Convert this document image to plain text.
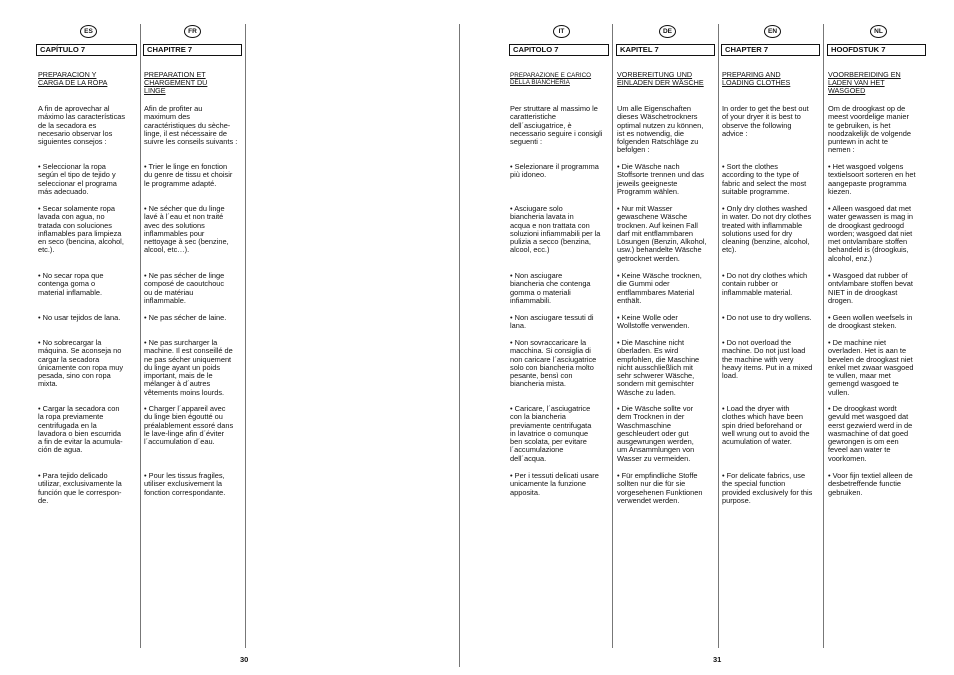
ES	FR
CAPÍTULO 7	CHAPITRE 7
PREPARACION Y
CARGA DE LA ROPA
A fin de aprovechar al
máximo las características
de la secadora es
necesario observar los
siguientes consejos :
• Seleccionar la ropa
según el tipo de tejido y
seleccionar el programa
más adecuado.
• Secar solamente ropa
lavada con agua, no
tratada con soluciones
inflamables para limpieza
en seco (bencina, alcohol,
etc.).
• No secar ropa que
contenga goma o
material inflamable.
• No usar tejidos de lana.
• No sobrecargar la
máquina. Se aconseja no
cargar la secadora
únicamente con ropa muy
pesada, sino con ropa
mixta.
• Cargar la secadora con
la ropa previamente
centrifugada en la
lavadora o bien escurrida
a fin de evitar la acumula-
ción de agua.
• Para tejido delicado
utilizar, exclusivamente la
función que le correspon-
de.
PREPARATION ET
CHARGEMENT DU
LINGE
Afin de profiter au
maximum des
caractéristiques du sèche-
linge, il est nécessaire de
suivre les conseils suivants :
• Trier le linge en fonction
du genre de tissu et choisir
le programme adapté.
• Ne sécher que du linge
lavé à l´eau et non traité
avec des solutions
inflammables pour
nettoyage à sec (benzine,
alcool, etc…).
• Ne pas sécher de linge
composé de caoutchouc
ou de matériau
inflammable.
• Ne pas sécher de laine.
• Ne pas surcharger la
machine. Il est conseillé de
ne pas sécher uniquement
du linge ayant un poids
important, mais de le
mélanger à d´autres
vêtements moins lourds.
• Charger l´appareil avec
du linge bien égoutté ou
préalablement essoré dans
le lave-linge afin d´éviter
l´accumulation d´eau.
• Pour les tissus fragiles,
utiliser exclusivement la
fonction correspondante.
30
IT	DE	EN	NL
CAPITOLO 7	KAPITEL 7	CHAPTER 7	HOOFDSTUK 7
PREPARAZIONE E CARICO
DELLA BIANCHERIA
Per struttare al massimo le
caratteristiche
dell´asciugatrice, è
necessario seguire i consigli
seguenti :
• Selezionare il programma
più idoneo.
• Asciugare solo
biancheria lavata in
acqua e non trattata con
soluzioni infiammabili per la
pulizia a secco (benzina,
alcool, ecc.)
• Non asciugare
biancheria che contenga
gomma o materiali
infiammabili.
• Non asciugare tessuti di
lana.
• Non sovraccaricare la
macchina. Si consiglia di
non caricare l´asciugatrice
solo con biancheria molto
pesante, bensì con
biancheria mista.
• Caricare, l´asciugatrice
con la biancheria
previamente centrifugata
in lavatrice o comunque
ben scolata, per evitare
l´accumulazione
dell´acqua.
• Per i tessuti delicati usare
unicamente la funzione
apposita.
VORBEREITUNG UND
EINLADEN DER WÄSCHE
Um alle Eigenschaften
dieses Wäschetrockners
optimal nutzen zu können,
ist es notwendig, die
folgenden Ratschläge zu
befolgen :
• Die Wäsche nach
Stoffsorte trennen und das
jeweils geeigneste
Programm wählen.
• Nur mit Wasser
gewaschene Wäsche
trocknen. Auf keinen Fall
darf mit entflammbaren
Lösungen (Benzin, Alkohol,
usw.) behandelte Wäsche
getrocknet werden.
• Keine Wäsche trocknen,
die Gummi oder
entflammbares Material
enthält.
• Keine Wolle oder
Wollstoffe verwenden.
• Die Maschine nicht
überladen. Es wird
empfohlen, die Maschine
nicht ausschließlich mit
sehr schwerer Wäsche,
sondern mit gemischter
Wäsche zu laden.
• Die Wäsche sollte vor
dem Trocknen in der
Waschmaschine
geschleudert oder gut
ausgewrungen werden,
um Ansammlungen von
Wasser zu vermeiden.
• Für empfindliche Stoffe
sollten nur die für sie
vorgesehenen Funktionen
verwendet werden.
PREPARING AND
LOADING CLOTHES
In order to get the best out
of your dryer it is best to
observe the following
advice :
• Sort the clothes
according to the type of
fabric and select the most
suitable programme.
• Only dry clothes washed
in water. Do not dry clothes
treated with inflammable
solutions used for dry
cleaning (benzine, alcohol,
etc).
• Do not dry clothes which
contain rubber or
inflammable material.
• Do not use to dry wollens.
• Do not overload the
machine. Do not just load
the machine with very
heavy items. Put in a mixed
load.
• Load the dryer with
clothes which have been
spin dried beforehand or
well wrung out to avoid the
acumulation of water.
• For delicate fabrics, use
the special function
provided exclusively for this
purpose.
VOORBEREIDING EN
LADEN VAN HET
WASGOED
Om de droogkast op de
meest voordelige manier
te gebruiken, is het
noodzakelijk de volgende
puntewn in acht te
nemen :
• Het wasgoed volgens
textielsoort sorteren en het
aangepaste programma
kiezen.
• Alleen wasgoed dat met
water gewassen is mag in
de droogkast gedroogd
worden; wasgoed dat niet
met ontvlambare stoffen
behandeld is (droogkuis,
alcohol, enz.)
• Wasgoed dat rubber of
ontvlambare stoffen bevat
NIET in de droogkast
drogen.
• Geen wollen weefsels in
de droogkast steken.
• De machine niet
overladen. Het is aan te
bevelen de droogkast niet
enkel met zwaar wasgoed
te vullen, maar met
gemengd wasgoed te
vullen.
• De droogkast wordt
gevuld met wasgoed dat
eerst gezwierd werd in de
wasmachine of dat goed
gewrongen is om een
feveel aan water te
voorkomen.
• Voor fijn textiel alleen de
desbetreffende functie
gebruiken.
31
